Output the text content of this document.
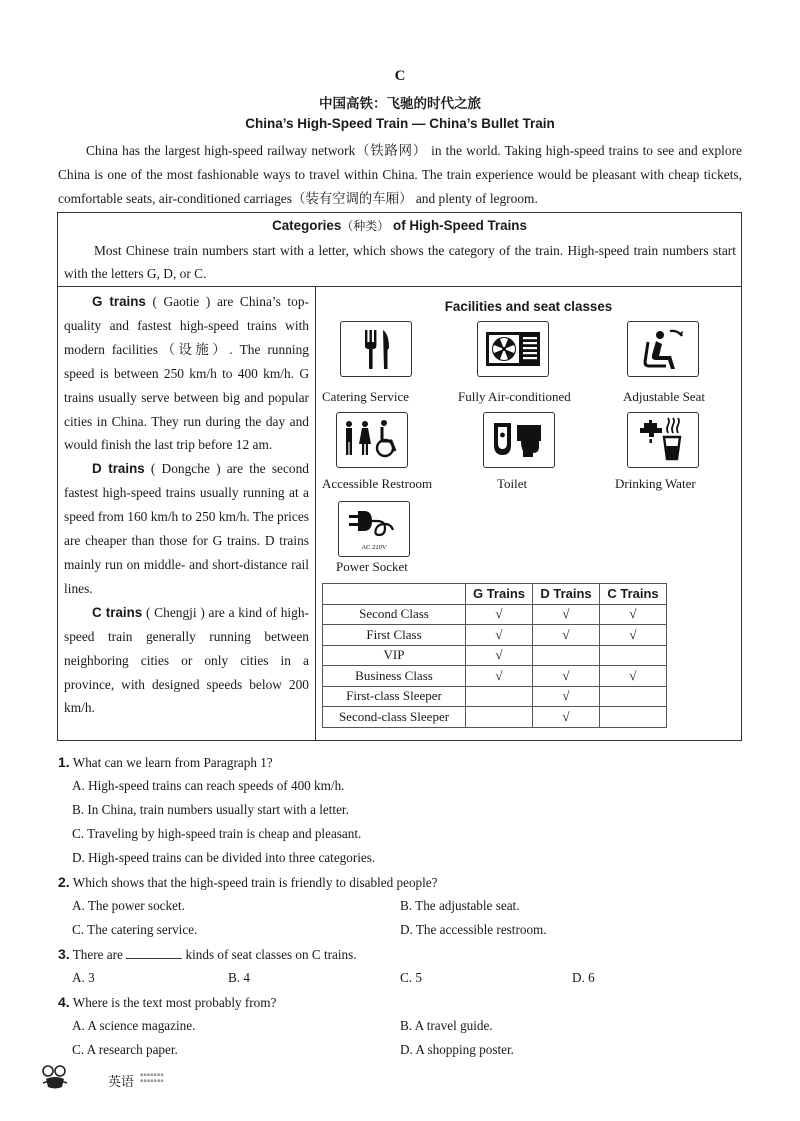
C
中国高铁：飞驰的时代之旅
China’s High-Speed Train — China’s Bullet Train
China has the largest high-speed railway network（铁路网） in the world. Taking high-speed trains to see and explore China is one of the most fashionable ways to travel within China. The train experience would be pleasant with cheap tickets, comfortable seats, air-conditioned carriages（装有空调的车厢） and plenty of legroom.
Categories（种类） of High-Speed Trains
Most Chinese train numbers start with a letter, which shows the category of the train. High-speed train numbers start with the letters G, D, or C.

G trains ( Gaotie ) are China’s top-quality and fastest high-speed trains with modern facilities（设施）. The running speed is between 250 km/h to 400 km/h. G trains usually serve between big and popular cities in China. They run during the day and would finish the last trip before 12 am.

D trains ( Dongche ) are the second fastest high-speed trains usually running at a speed from 160 km/h to 250 km/h. The prices are cheaper than those for G trains. D trains mainly run on middle- and short-distance rail lines.

C trains ( Chengji ) are a kind of high-speed train generally running between neighboring cities or only cities in a province, with designed speeds below 200 km/h.

Facilities and seat classes
Catering Service	Fully Air-conditioned	Adjustable Seat
Accessible Restroom	Toilet	Drinking Water
AC 220V
Power Socket
	G Trains	D Trains	C Trains
Second Class	√	√	√
First Class	√	√	√
VIP	√		
Business Class	√	√	√
First-class Sleeper		√	
Second-class Sleeper		√	
1. What can we learn from Paragraph 1?
A. High-speed trains can reach speeds of 400 km/h.
B. In China, train numbers usually start with a letter.
C. Traveling by high-speed train is cheap and pleasant.
D. High-speed trains can be divided into three categories.
2. Which shows that the high-speed train is friendly to disabled people?
A. The power socket.	B. The adjustable seat.
C. The catering service.	D. The accessible restroom.
3. There are	kinds of seat classes on C trains.
A. 3	B. 4	C. 5	D. 6
4. Where is the text most probably from?
A. A science magazine.	B. A travel guide.
C. A research paper.	D. A shopping poster.
英语 ▪▪▪▪▪▪▪
▪▪▪▪▪▪▪
